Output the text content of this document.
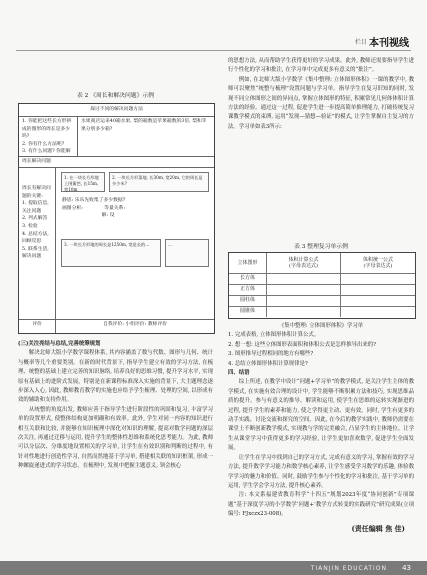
栏目 本刊视线
表 2 《周长和解决问题》示例
探讨不同的解决问题方法
1. 你能把这些长方形拼成的图形的周长是多少吗?
2. 你有什么方法呢?
3. 有什么问题? 你能解
水果商店运来40箱水果, 梨的箱数是苹果箱数的3倍, 梨和苹果分别多少箱?
周长解决问题
周长有解决问题的关键:
1. 提取信息, 关注问题
2. 列式解答
3. 检验
4. 总结方法, 回顾反思
5. 联系生活, 解决问题
1. 在一块长方形地上围篱笆, 长15m, 宽10m
2. 一块长方形菜地, 长30m, 宽20m, 它的周长是多少米?
静思: 乐乐先收集了多少数据?
画图分析:              等量关系:
解: 设
3. 一块长方形地的周长是1250m, 宽是长的...	...
评价	自我评价: 小组评价: 教师评价

(三)关注亮结与总结,完善统筹规划

解决北师大版小学数学课程体系, 其内容涵盖了数与代数、图形与几何、统计与概率等几个重要类别。在新的时代背景下, 指导学生建立有效的学习方法, 在梳理、统整的基础上建立完善的知识脉络, 培养良好的思维习惯, 提升学习水平, 实现原有基础上的进阶式发展。特别是在新课程标准深入实施的背景下, 大主题理念逐步深入人心, 因此, 教师教育教学的实施也应给予学生梳理、处理的空间, 以形成有效的辅助和支持作用。

从统整的角度出发, 教师应善于指导学生进行阶段性的巩固和复习, 丰富学习单的设置形式, 使整体结构更加明确和有效率。此外, 学生对同一内容的知识进行相互关联和比较, 并能够在知识梳理中深化对知识的理解, 提高对数学问题的深层次关注, 再通过迁移与运用, 提升学生的整体性思维和系统化思考能力。为此, 教师可以分层次、分维度地设置相关的学习单, 让学生在有效识别和判断的过程中, 有针对性地进行创造性学习, 自然而然地基于学习单, 搭建相关联的知识框架, 形成一种螺旋递进式的学习状态。在梳理中, 发现中把握主题意义, 领会核心

的思想方法, 从而帮助学生获得更好的学习成果。此外, 教师还需要指导学生进行个性化的学习和批注, 在学习单中完成更多有意义的“批注”。

例如, 在北师大版小学数学《集中整理: 立体图形体积》一课的教学中, 教师可以聚焦“统整与梳理”设置问题与学习单。指导学生在复习旧知的同时, 发现不同立体图形之间的异同点, 掌握立体图形的特征, 积累常见几何体体积计算方法的经验。通过这一过程, 促进学生进一步提高简单推理能力, 打破传统复习课教学模式的束缚, 运用“发现—猜想—验证”的模式, 让学生掌握自主复习的方法。学习单如表3所示:

表 3 整理复习单示例
立体图形
体积计算公式
(字母表达式)
体积统一公式
(字母表达式)
长方体
正方体
圆柱体
圆锥体

《集中整理: 立体图形体积》学习单

1. 完成表格, 立体图形体积计算公式。

2. 想一想: 这些立体图形表面积和体积公式是怎样推导出来的?

3. 图形推导过程相同的地方有哪些?

4. 总结立体图形体积计算规律是?

四、结语

综上所述, 在教学中设计“问题+学习单”的教学模式, 是关注学生主体的教学模式, 在实施有效合理的设计中, 学生能够不断积累方法和技巧, 实现思维品质的提升。参与有意义的推导、解读和运用, 使学生在思维的运转实现渐进的过程, 提升学生的素养和能力, 使之学得更主动、更有效。同时, 学生有更多的动手实践、讨论交流和探究的空间。因此, 在今后的教学实践中, 教师仍需要在课堂上不断创新教学模式, 实现教与学的完美融合, 凸显学生的主体地位。让学生从课堂学习中获得更多的学习经验, 让学生更加喜欢数学, 促进学生全面发展。

让学生在学习中找到自己的学习方式, 完成有意义的学习, 掌握有效的学习方法, 提升数学学习能力和数学核心素养, 让学生感受学习数学的乐趣, 体验数学学习的魅力和价值。同时, 鼓励学生参与个性化的学习和批注, 基于学习单的运用, 学生学会学习方法, 提升核心素养。

注: 本文系福建省教育科学“十四五”规划2023年度“协同创新”专项课题“基于深度学习的小学数学‘问题+’教学方式转变的实践研究”研究成果(立项编号: FJxczx23-008)。

(责任编辑 焦 佳)
TIANJIN EDUCATION 43
